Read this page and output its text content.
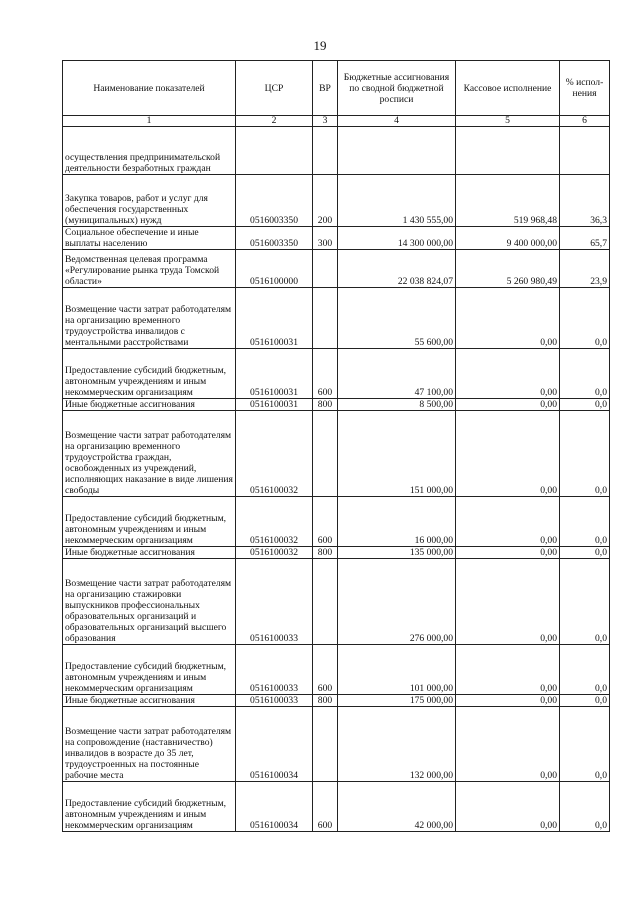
19
Наименование показателей	ЦСР	ВР	Бюджетные ассигнования по сводной бюджетной росписи	Кассовое исполнение	% испол-нения
1	2	3	4	5	6
осуществления предпринимательской деятельности безработных граждан					
Закупка товаров, работ и услуг для обеспечения государственных (муниципальных) нужд	0516003350	200	1 430 555,00	519 968,48	36,3
Социальное обеспечение и иные выплаты населению	0516003350	300	14 300 000,00	9 400 000,00	65,7
Ведомственная целевая программа «Регулирование рынка труда Томской области»	0516100000		22 038 824,07	5 260 980,49	23,9
Возмещение части затрат работодателям на организацию временного трудоустройства инвалидов с ментальными расстройствами	0516100031		55 600,00	0,00	0,0
Предоставление субсидий бюджетным, автономным учреждениям и иным некоммерческим организациям	0516100031	600	47 100,00	0,00	0,0
Иные бюджетные ассигнования	0516100031	800	8 500,00	0,00	0,0
Возмещение части затрат работодателям на организацию временного трудоустройства граждан, освобожденных из учреждений, исполняющих наказание в виде лишения свободы	0516100032		151 000,00	0,00	0,0
Предоставление субсидий бюджетным, автономным учреждениям и иным некоммерческим организациям	0516100032	600	16 000,00	0,00	0,0
Иные бюджетные ассигнования	0516100032	800	135 000,00	0,00	0,0
Возмещение части затрат работодателям на организацию стажировки выпускников профессиональных образовательных организаций и образовательных организаций высшего образования	0516100033		276 000,00	0,00	0,0
Предоставление субсидий бюджетным, автономным учреждениям и иным некоммерческим организациям	0516100033	600	101 000,00	0,00	0,0
Иные бюджетные ассигнования	0516100033	800	175 000,00	0,00	0,0
Возмещение части затрат работодателям на сопровождение (наставничество) инвалидов в возрасте до 35 лет, трудоустроенных на постоянные рабочие места	0516100034		132 000,00	0,00	0,0
Предоставление субсидий бюджетным, автономным учреждениям и иным некоммерческим организациям	0516100034	600	42 000,00	0,00	0,0
